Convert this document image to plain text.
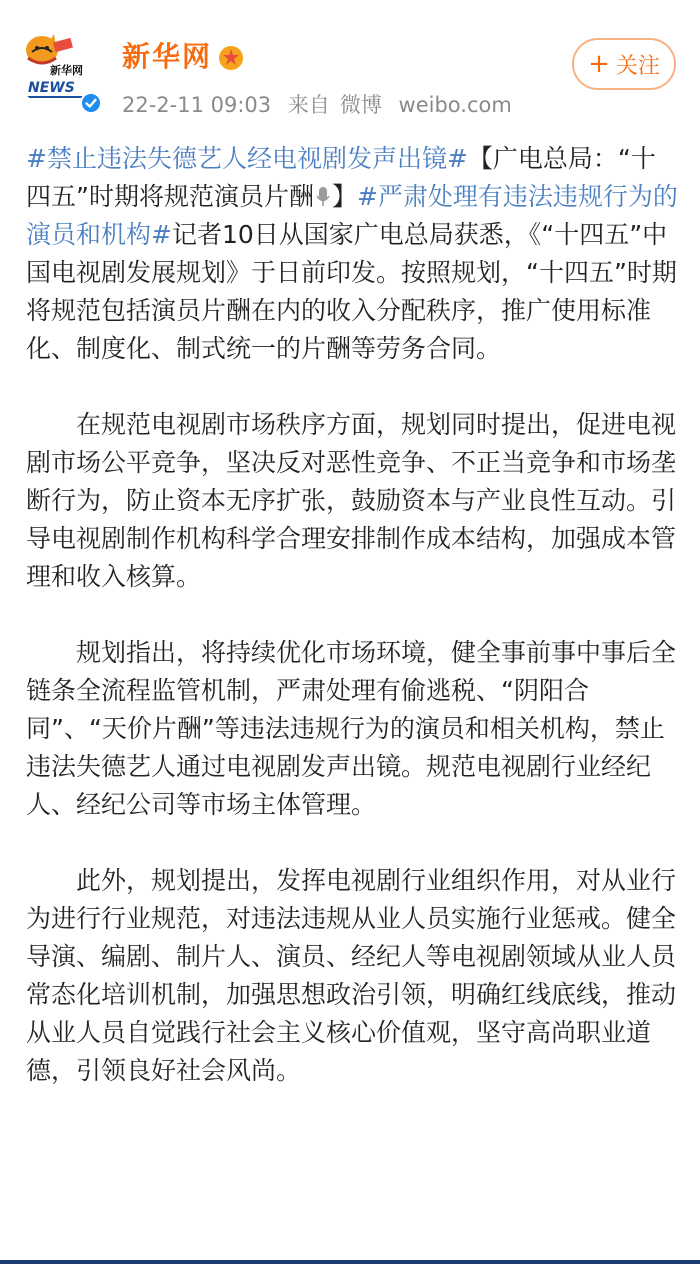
新华网
NEWS
新华网
22-2-11 09:03 来自 微博 weibo.com
+ 关注

#禁止违法失德艺人经电视剧发声出镜#【广电总局：“十四五”时期将规范演员片酬 】#严肃处理有违法违规行为的演员和机构#记者10日从国家广电总局获悉，《“十四五”中国电视剧发展规划》于日前印发。按照规划，“十四五”时期将规范包括演员片酬在内的收入分配秩序，推广使用标准化、制度化、制式统一的片酬等劳务合同。

在规范电视剧市场秩序方面，规划同时提出，促进电视剧市场公平竞争，坚决反对恶性竞争、不正当竞争和市场垄断行为，防止资本无序扩张，鼓励资本与产业良性互动。引导电视剧制作机构科学合理安排制作成本结构，加强成本管理和收入核算。

规划指出，将持续优化市场环境，健全事前事中事后全链条全流程监管机制，严肃处理有偷逃税、“阴阳合同”、“天价片酬”等违法违规行为的演员和相关机构，禁止违法失德艺人通过电视剧发声出镜。规范电视剧行业经纪人、经纪公司等市场主体管理。

此外，规划提出，发挥电视剧行业组织作用，对从业行为进行行业规范，对违法违规从业人员实施行业惩戒。健全导演、编剧、制片人、演员、经纪人等电视剧领域从业人员常态化培训机制，加强思想政治引领，明确红线底线，推动从业人员自觉践行社会主义核心价值观，坚守高尚职业道德，引领良好社会风尚。
